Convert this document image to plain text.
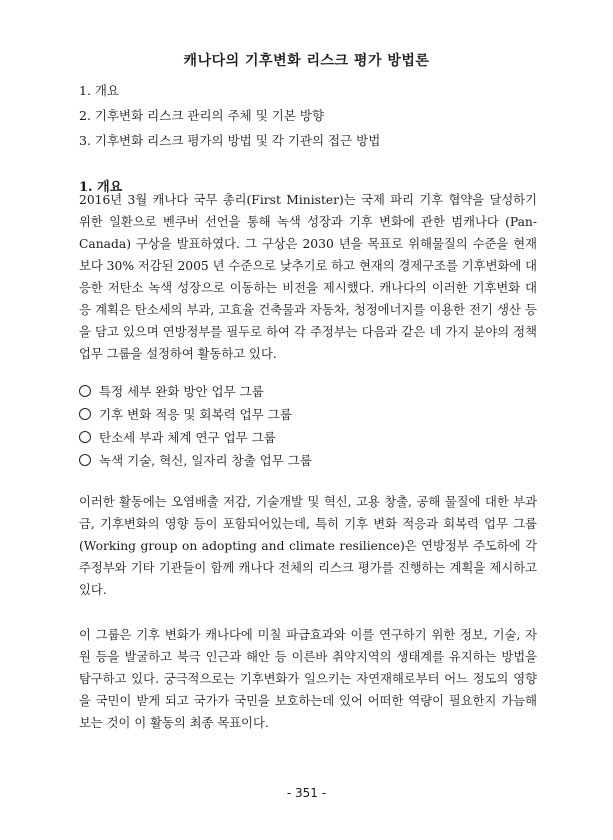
캐나다의 기후변화 리스크 평가 방법론
1. 개요
2. 기후변화 리스크 관리의 주체 및 기본 방향
3. 기후변화 리스크 평가의 방법 및 각 기관의 접근 방법
1. 개요
2016년 3월 캐나다 국무 총리(First Minister)는 국제 파리 기후 협약을 달성하기 위한 일환으로 벤쿠버 선언을 통해 녹색 성장과 기후 변화에 관한 범캐나다 (Pan-Canada) 구상을 발표하였다. 그 구상은 2030 년을 목표로 위해물질의 수준을 현재보다 30% 저감된 2005 년 수준으로 낮추기로 하고 현재의 경제구조를 기후변화에 대응한 저탄소 녹색 성장으로 이동하는 비전을 제시했다. 캐나다의 이러한 기후변화 대응 계획은 탄소세의 부과, 고효율 건축물과 자동차, 청정에너지를 이용한 전기 생산 등을 담고 있으며 연방정부를 필두로 하여 각 주정부는 다음과 같은 네 가지 분야의 정책 업무 그룹을 설정하여 활동하고 있다.
특정 세부 완화 방안 업무 그룹
기후 변화 적응 및 회복력 업무 그룹
탄소세 부과 체계 연구 업무 그룹
녹색 기술, 혁신, 일자리 창출 업무 그룹
이러한 활동에는 오염배출 저감, 기술개발 및 혁신, 고용 창출, 공해 물질에 대한 부과금, 기후변화의 영향 등이 포함되어있는데, 특히 기후 변화 적응과 회복력 업무 그룹 (Working group on adopting and climate resilience)은 연방정부 주도하에 각 주정부와 기타 기관들이 함께 캐나다 전체의 리스크 평가를 진행하는 계획을 제시하고 있다.
이 그룹은 기후 변화가 캐나다에 미칠 파급효과와 이를 연구하기 위한 정보, 기술, 자원 등을 발굴하고 북극 인근과 해안 등 이른바 취약지역의 생태계를 유지하는 방법을 탐구하고 있다. 궁극적으로는 기후변화가 일으키는 자연재해로부터 어느 정도의 영향을 국민이 받게 되고 국가가 국민을 보호하는데 있어 어떠한 역량이 필요한지 가늠해 보는 것이 이 활동의 최종 목표이다.
- 351 -
